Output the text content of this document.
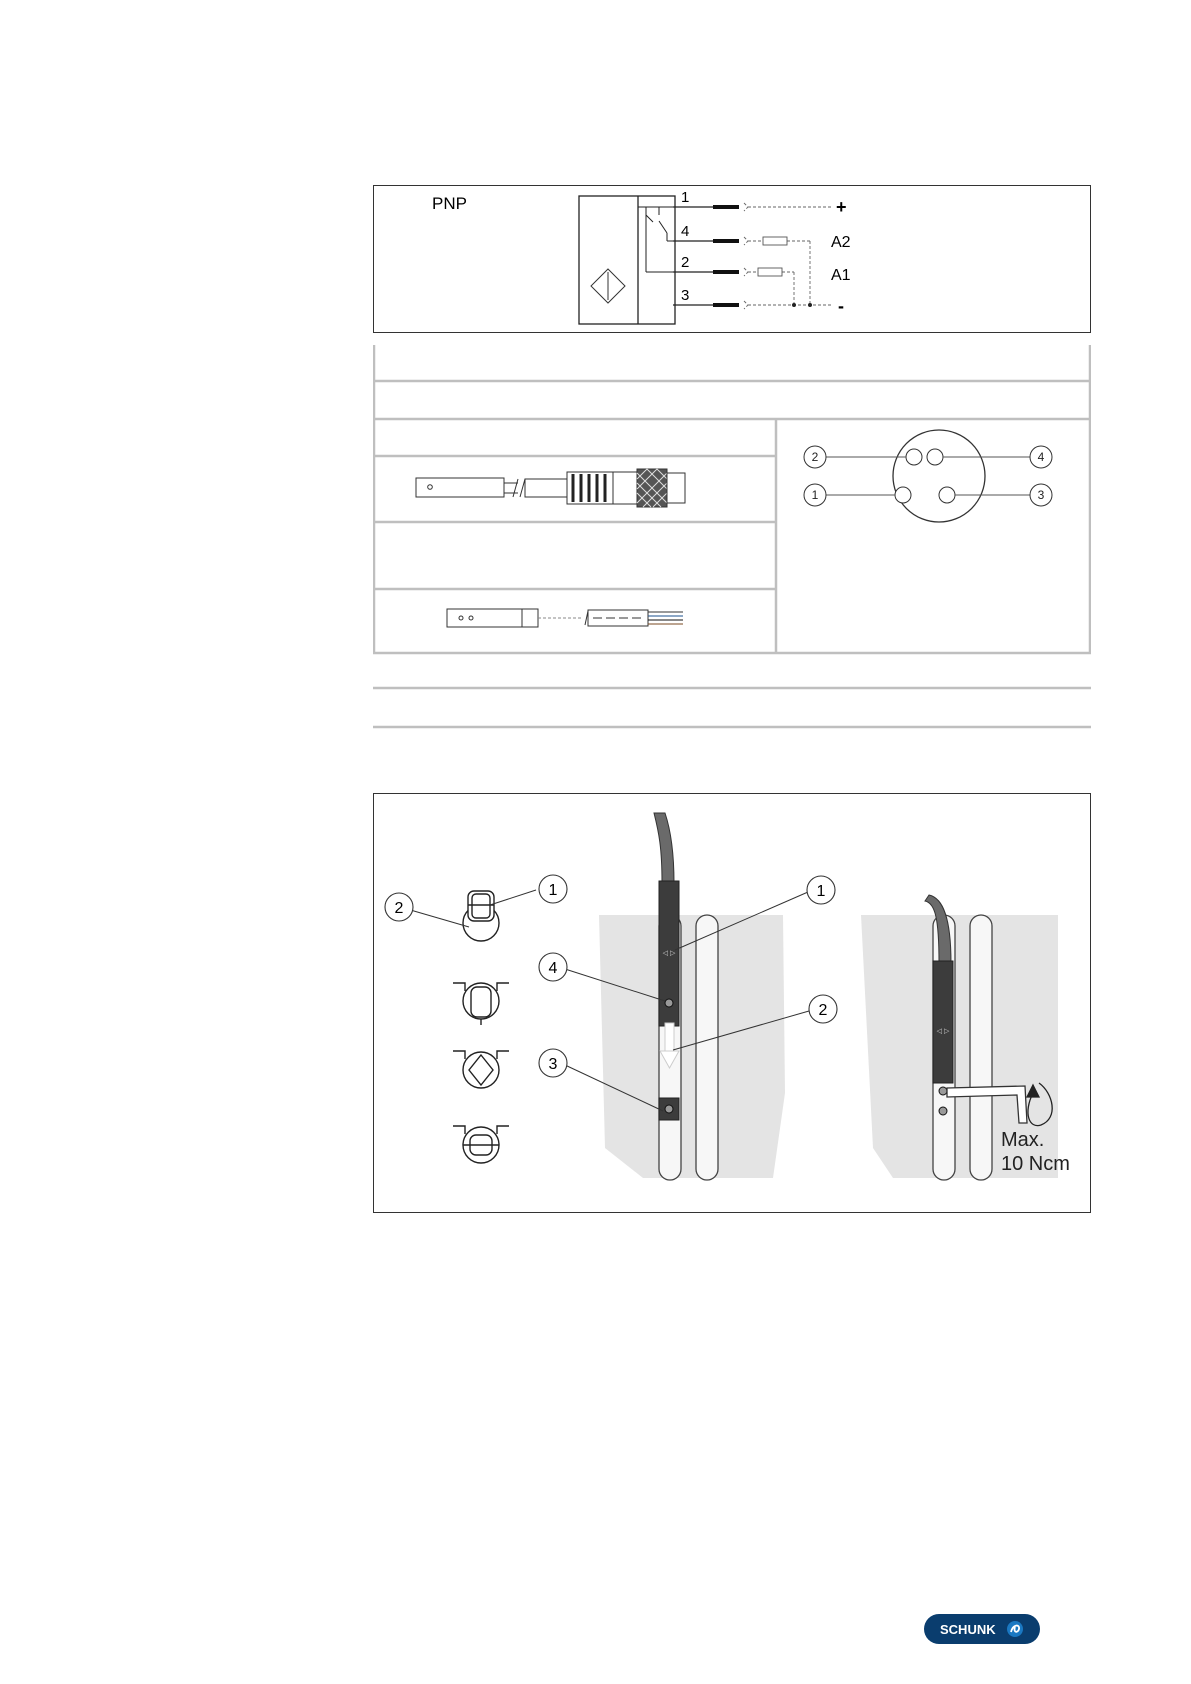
PNP	1
4
2
3
+
A2
A1
-
2	4
1	3
2
1
◁ ▷
1
4
2
3
◁ ▷
Max.
10 Ncm
SCHUNK
